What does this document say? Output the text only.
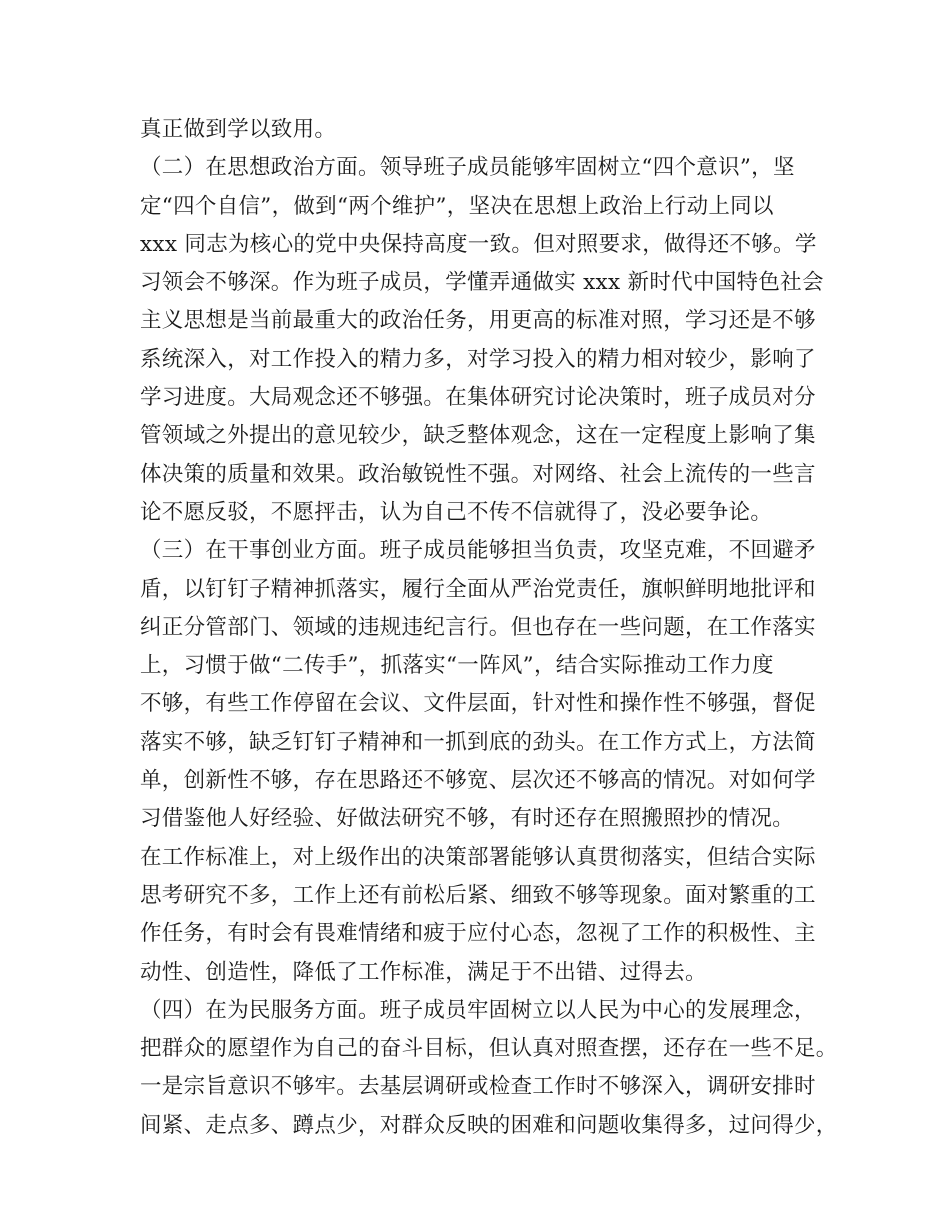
真正做到学以致用。
（二）在思想政治方面。领导班子成员能够牢固树立“四个意识”，坚
定“四个自信”，做到“两个维护”，坚决在思想上政治上行动上同以
xxx 同志为核心的党中央保持高度一致。但对照要求，做得还不够。学
习领会不够深。作为班子成员，学懂弄通做实 xxx 新时代中国特色社会
主义思想是当前最重大的政治任务，用更高的标准对照，学习还是不够
系统深入，对工作投入的精力多，对学习投入的精力相对较少，影响了
学习进度。大局观念还不够强。在集体研究讨论决策时，班子成员对分
管领域之外提出的意见较少，缺乏整体观念，这在一定程度上影响了集
体决策的质量和效果。政治敏锐性不强。对网络、社会上流传的一些言
论不愿反驳，不愿抨击，认为自己不传不信就得了，没必要争论。
（三）在干事创业方面。班子成员能够担当负责，攻坚克难，不回避矛
盾，以钉钉子精神抓落实，履行全面从严治党责任，旗帜鲜明地批评和
纠正分管部门、领域的违规违纪言行。但也存在一些问题，在工作落实
上，习惯于做“二传手”，抓落实“一阵风”，结合实际推动工作力度
不够，有些工作停留在会议、文件层面，针对性和操作性不够强，督促
落实不够，缺乏钉钉子精神和一抓到底的劲头。在工作方式上，方法简
单，创新性不够，存在思路还不够宽、层次还不够高的情况。对如何学
习借鉴他人好经验、好做法研究不够，有时还存在照搬照抄的情况。
在工作标准上，对上级作出的决策部署能够认真贯彻落实，但结合实际
思考研究不多，工作上还有前松后紧、细致不够等现象。面对繁重的工
作任务，有时会有畏难情绪和疲于应付心态，忽视了工作的积极性、主
动性、创造性，降低了工作标准，满足于不出错、过得去。
（四）在为民服务方面。班子成员牢固树立以人民为中心的发展理念，
把群众的愿望作为自己的奋斗目标，但认真对照查摆，还存在一些不足。
一是宗旨意识不够牢。去基层调研或检查工作时不够深入，调研安排时
间紧、走点多、蹲点少，对群众反映的困难和问题收集得多，过问得少，
